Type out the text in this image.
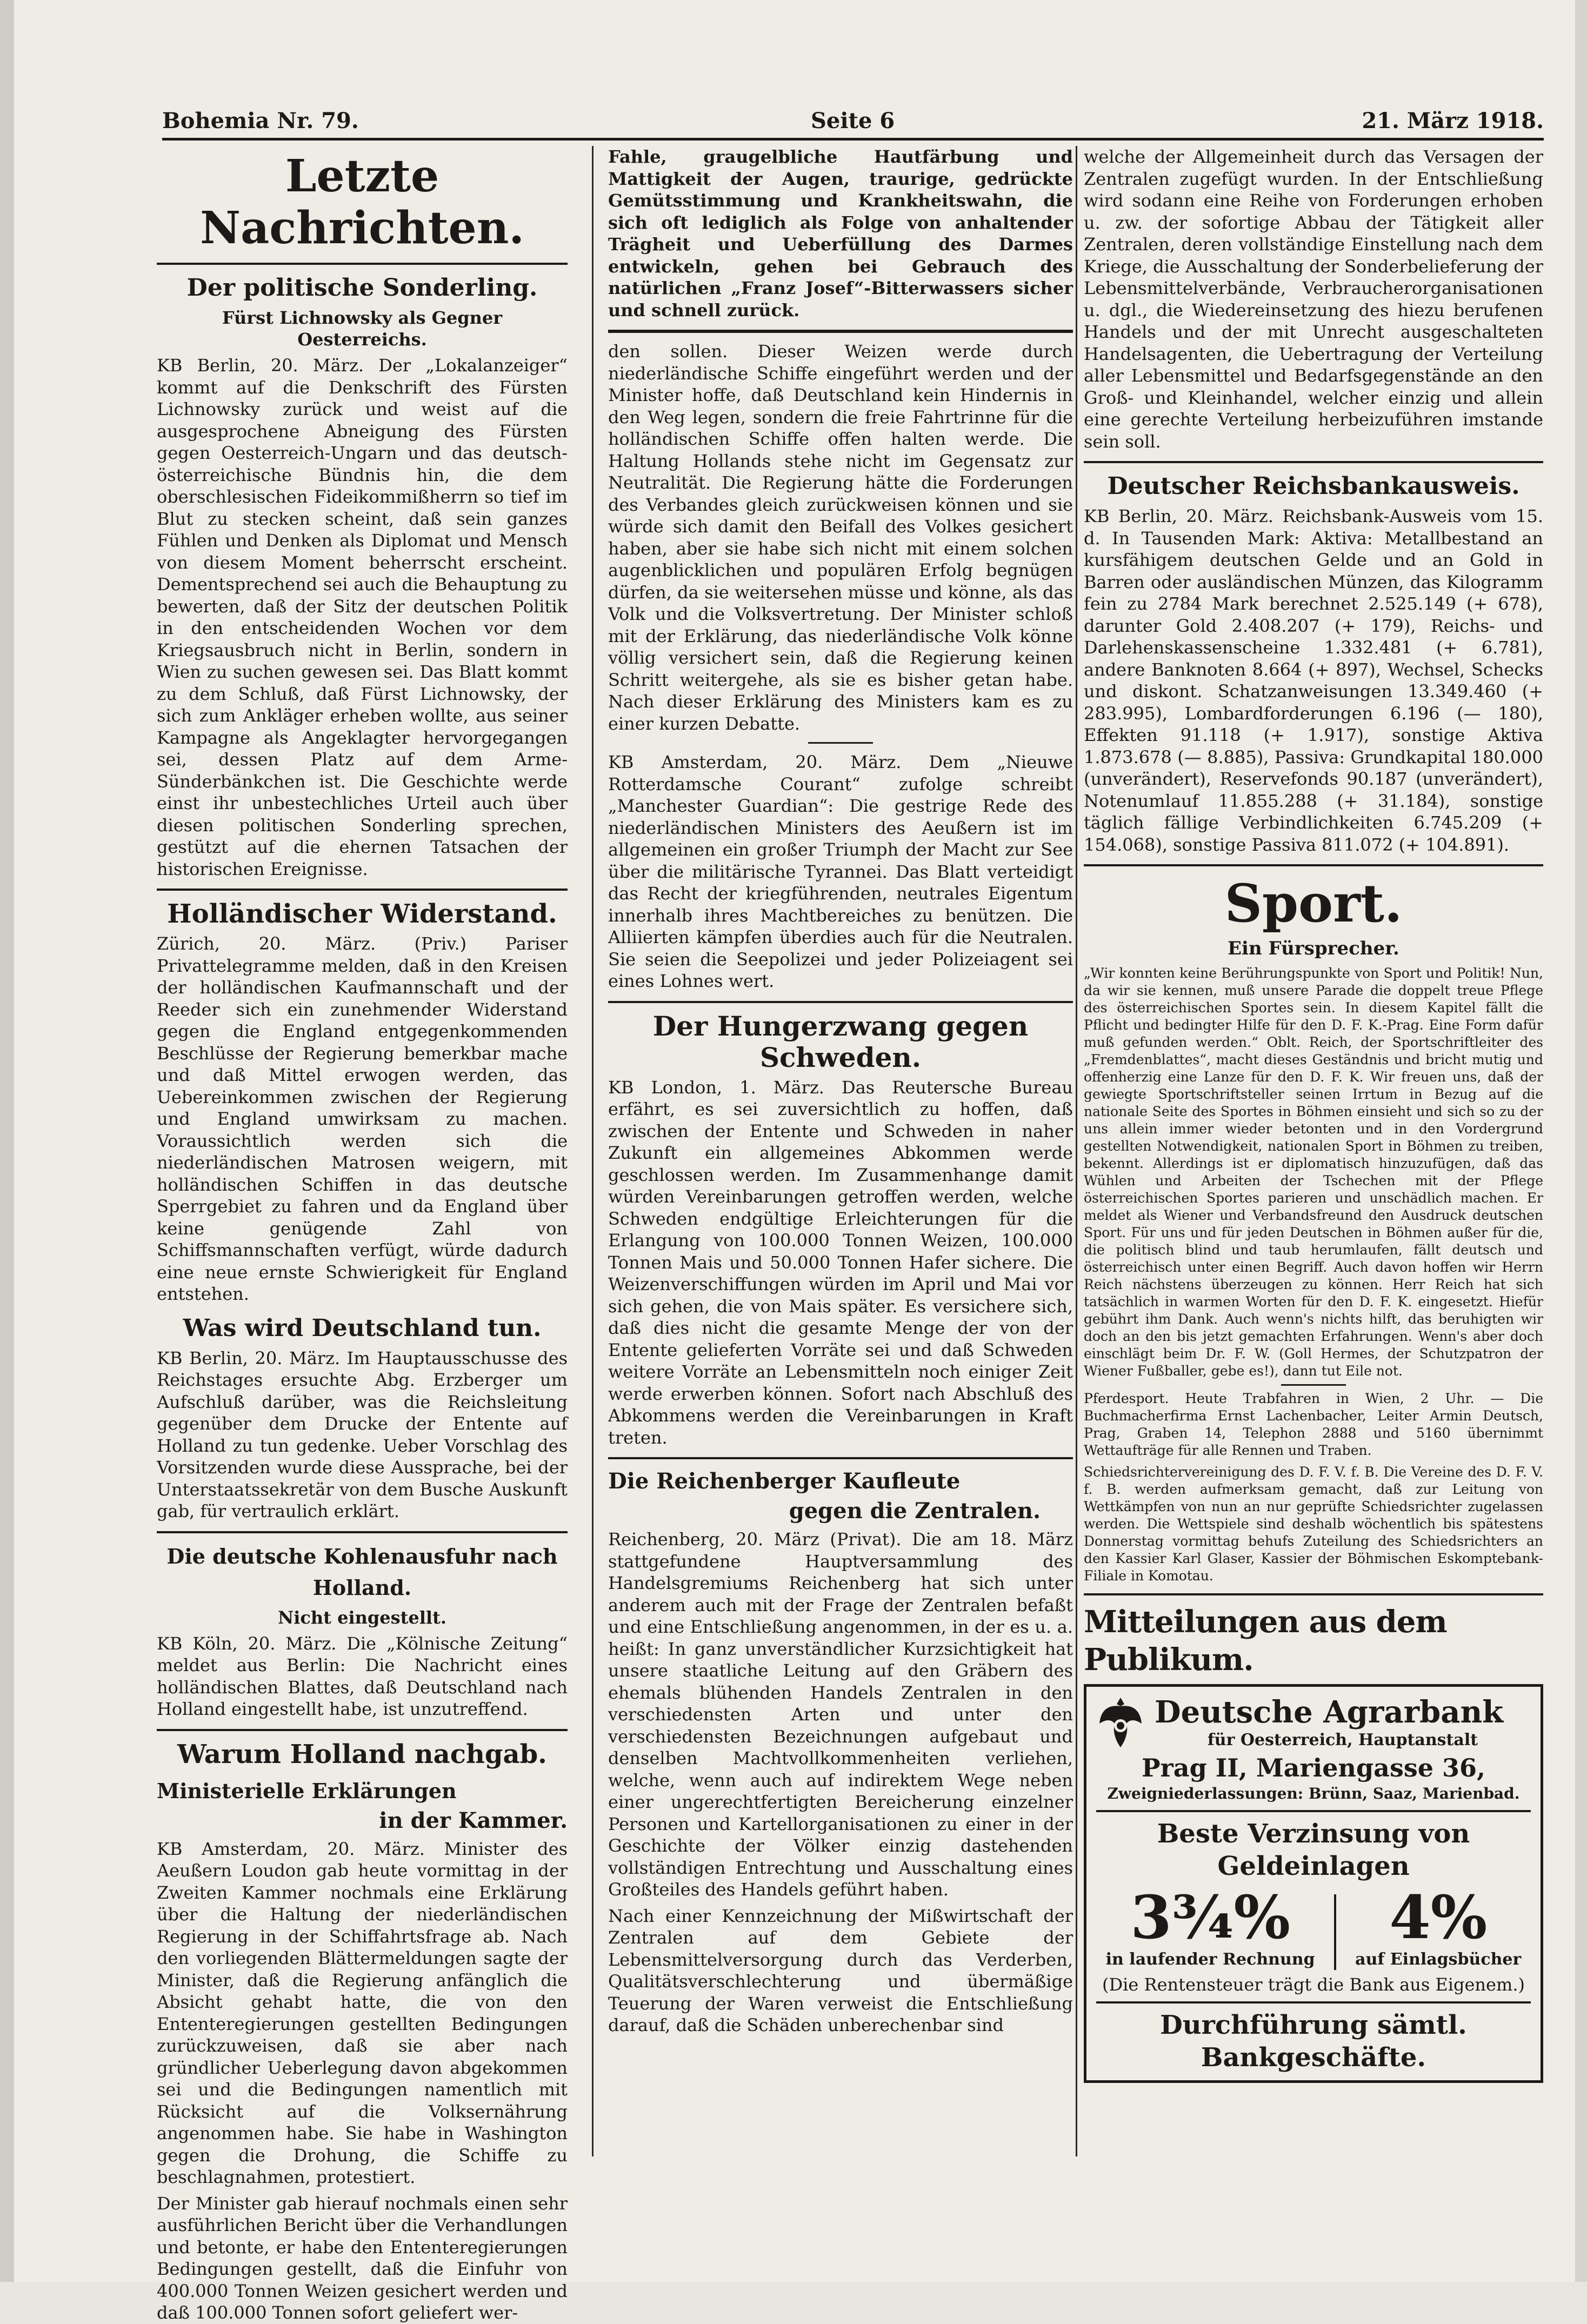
Bohemia Nr. 79.	Seite 6	21. März 1918.
Letzte Nachrichten.
Der politische Sonderling.
Fürst Lichnowsky als Gegner Oesterreichs.

KB Berlin, 20. März. Der „Lokalanzeiger“ kommt auf die Denkschrift des Fürsten Lichnowsky zurück und weist auf die ausgesprochene Abneigung des Fürsten gegen Oesterreich-Ungarn und das deutsch-österreichische Bündnis hin, die dem oberschlesischen Fideikommißherrn so tief im Blut zu stecken scheint, daß sein ganzes Fühlen und Denken als Diplomat und Mensch von diesem Moment beherrscht erscheint. Dementsprechend sei auch die Behauptung zu bewerten, daß der Sitz der deutschen Politik in den entscheidenden Wochen vor dem Kriegsausbruch nicht in Berlin, sondern in Wien zu suchen gewesen sei. Das Blatt kommt zu dem Schluß, daß Fürst Lichnowsky, der sich zum Ankläger erheben wollte, aus seiner Kampagne als Angeklagter hervorgegangen sei, dessen Platz auf dem Arme-Sünderbänkchen ist. Die Geschichte werde einst ihr unbestechliches Urteil auch über diesen politischen Sonderling sprechen, gestützt auf die ehernen Tatsachen der historischen Ereignisse.

Holländischer Widerstand.

Zürich, 20. März. (Priv.) Pariser Privattelegramme melden, daß in den Kreisen der holländischen Kaufmannschaft und der Reeder sich ein zunehmender Widerstand gegen die England entgegenkommenden Beschlüsse der Regierung bemerkbar mache und daß Mittel erwogen werden, das Uebereinkommen zwischen der Regierung und England umwirksam zu machen. Voraussichtlich werden sich die niederländischen Matrosen weigern, mit holländischen Schiffen in das deutsche Sperrgebiet zu fahren und da England über keine genügende Zahl von Schiffsmannschaften verfügt, würde dadurch eine neue ernste Schwierigkeit für England entstehen.

Was wird Deutschland tun.

KB Berlin, 20. März. Im Hauptausschusse des Reichstages ersuchte Abg. Erzberger um Aufschluß darüber, was die Reichsleitung gegenüber dem Drucke der Entente auf Holland zu tun gedenke. Ueber Vorschlag des Vorsitzenden wurde diese Aussprache, bei der Unterstaatssekretär von dem Busche Auskunft gab, für vertraulich erklärt.

Die deutsche Kohlenausfuhr nach Holland.
Nicht eingestellt.

KB Köln, 20. März. Die „Kölnische Zeitung“ meldet aus Berlin: Die Nachricht eines holländischen Blattes, daß Deutschland nach Holland eingestellt habe, ist unzutreffend.

Warum Holland nachgab.
Ministerielle Erklärungen
in der Kammer.

KB Amsterdam, 20. März. Minister des Aeußern Loudon gab heute vormittag in der Zweiten Kammer nochmals eine Erklärung über die Haltung der niederländischen Regierung in der Schiffahrtsfrage ab. Nach den vorliegenden Blättermeldungen sagte der Minister, daß die Regierung anfänglich die Absicht gehabt hatte, die von den Ententeregierungen gestellten Bedingungen zurückzuweisen, daß sie aber nach gründlicher Ueberlegung davon abgekommen sei und die Bedingungen namentlich mit Rücksicht auf die Volksernährung angenommen habe. Sie habe in Washington gegen die Drohung, die Schiffe zu beschlagnahmen, protestiert.

Der Minister gab hierauf nochmals einen sehr ausführlichen Bericht über die Verhandlungen und betonte, er habe den Ententeregierungen Bedingungen gestellt, daß die Einfuhr von 400.000 Tonnen Weizen gesichert werden und daß 100.000 Tonnen sofort geliefert wer-

Fahle, graugelbliche Hautfärbung und Mattigkeit der Augen, traurige, gedrückte Gemütsstimmung und Krankheitswahn, die sich oft lediglich als Folge von anhaltender Trägheit und Ueberfüllung des Darmes entwickeln, gehen bei Gebrauch des natürlichen „Franz Josef“-Bitterwassers sicher und schnell zurück.

den sollen. Dieser Weizen werde durch niederländische Schiffe eingeführt werden und der Minister hoffe, daß Deutschland kein Hindernis in den Weg legen, sondern die freie Fahrtrinne für die holländischen Schiffe offen halten werde. Die Haltung Hollands stehe nicht im Gegensatz zur Neutralität. Die Regierung hätte die Forderungen des Verbandes gleich zurückweisen können und sie würde sich damit den Beifall des Volkes gesichert haben, aber sie habe sich nicht mit einem solchen augenblicklichen und populären Erfolg begnügen dürfen, da sie weitersehen müsse und könne, als das Volk und die Volksvertretung. Der Minister schloß mit der Erklärung, das niederländische Volk könne völlig versichert sein, daß die Regierung keinen Schritt weitergehe, als sie es bisher getan habe. Nach dieser Erklärung des Ministers kam es zu einer kurzen Debatte.

KB Amsterdam, 20. März. Dem „Nieuwe Rotterdamsche Courant“ zufolge schreibt „Manchester Guardian“: Die gestrige Rede des niederländischen Ministers des Aeußern ist im allgemeinen ein großer Triumph der Macht zur See über die militärische Tyrannei. Das Blatt verteidigt das Recht der kriegführenden, neutrales Eigentum innerhalb ihres Machtbereiches zu benützen. Die Alliierten kämpfen überdies auch für die Neutralen. Sie seien die Seepolizei und jeder Polizeiagent sei eines Lohnes wert.

Der Hungerzwang gegen Schweden.

KB London, 1. März. Das Reutersche Bureau erfährt, es sei zuversichtlich zu hoffen, daß zwischen der Entente und Schweden in naher Zukunft ein allgemeines Abkommen werde geschlossen werden. Im Zusammenhange damit würden Vereinbarungen getroffen werden, welche Schweden endgültige Erleichterungen für die Erlangung von 100.000 Tonnen Weizen, 100.000 Tonnen Mais und 50.000 Tonnen Hafer sichere. Die Weizenverschiffungen würden im April und Mai vor sich gehen, die von Mais später. Es versichere sich, daß dies nicht die gesamte Menge der von der Entente gelieferten Vorräte sei und daß Schweden weitere Vorräte an Lebensmitteln noch einiger Zeit werde erwerben können. Sofort nach Abschluß des Abkommens werden die Vereinbarungen in Kraft treten.

Die Reichenberger Kaufleute
gegen die Zentralen.

Reichenberg, 20. März (Privat). Die am 18. März stattgefundene Hauptversammlung des Handelsgremiums Reichenberg hat sich unter anderem auch mit der Frage der Zentralen befaßt und eine Entschließung angenommen, in der es u. a. heißt: In ganz unverständlicher Kurzsichtigkeit hat unsere staatliche Leitung auf den Gräbern des ehemals blühenden Handels Zentralen in den verschiedensten Arten und unter den verschiedensten Bezeichnungen aufgebaut und denselben Machtvollkommenheiten verliehen, welche, wenn auch auf indirektem Wege neben einer ungerechtfertigten Bereicherung einzelner Personen und Kartellorganisationen zu einer in der Geschichte der Völker einzig dastehenden vollständigen Entrechtung und Ausschaltung eines Großteiles des Handels geführt haben.

Nach einer Kennzeichnung der Mißwirtschaft der Zentralen auf dem Gebiete der Lebensmittelversorgung durch das Verderben, Qualitätsverschlechterung und übermäßige Teuerung der Waren verweist die Entschließung darauf, daß die Schäden unberechenbar sind

welche der Allgemeinheit durch das Versagen der Zentralen zugefügt wurden. In der Entschließung wird sodann eine Reihe von Forderungen erhoben u. zw. der sofortige Abbau der Tätigkeit aller Zentralen, deren vollständige Einstellung nach dem Kriege, die Ausschaltung der Sonderbelieferung der Lebensmittelverbände, Verbraucherorganisationen u. dgl., die Wiedereinsetzung des hiezu berufenen Handels und der mit Unrecht ausgeschalteten Handelsagenten, die Uebertragung der Verteilung aller Lebensmittel und Bedarfsgegenstände an den Groß- und Kleinhandel, welcher einzig und allein eine gerechte Verteilung herbeizuführen imstande sein soll.

Deutscher Reichsbankausweis.

KB Berlin, 20. März. Reichsbank-Ausweis vom 15. d. In Tausenden Mark: Aktiva: Metallbestand an kursfähigem deutschen Gelde und an Gold in Barren oder ausländischen Münzen, das Kilogramm fein zu 2784 Mark berechnet 2.525.149 (+ 678), darunter Gold 2.408.207 (+ 179), Reichs- und Darlehenskassenscheine 1.332.481 (+ 6.781), andere Banknoten 8.664 (+ 897), Wechsel, Schecks und diskont. Schatzanweisungen 13.349.460 (+ 283.995), Lombardforderungen 6.196 (— 180), Effekten 91.118 (+ 1.917), sonstige Aktiva 1.873.678 (— 8.885), Passiva: Grundkapital 180.000 (unverändert), Reservefonds 90.187 (unverändert), Notenumlauf 11.855.288 (+ 31.184), sonstige täglich fällige Verbindlichkeiten 6.745.209 (+ 154.068), sonstige Passiva 811.072 (+ 104.891).

Sport.
Ein Fürsprecher.

„Wir konnten keine Berührungspunkte von Sport und Politik! Nun, da wir sie kennen, muß unsere Parade die doppelt treue Pflege des österreichischen Sportes sein. In diesem Kapitel fällt die Pflicht und bedingter Hilfe für den D. F. K.-Prag. Eine Form dafür muß gefunden werden.“ Oblt. Reich, der Sportschriftleiter des „Fremdenblattes“, macht dieses Geständnis und bricht mutig und offenherzig eine Lanze für den D. F. K. Wir freuen uns, daß der gewiegte Sportschriftsteller seinen Irrtum in Bezug auf die nationale Seite des Sportes in Böhmen einsieht und sich so zu der uns allein immer wieder betonten und in den Vordergrund gestellten Notwendigkeit, nationalen Sport in Böhmen zu treiben, bekennt. Allerdings ist er diplomatisch hinzuzufügen, daß das Wühlen und Arbeiten der Tschechen mit der Pflege österreichischen Sportes parieren und unschädlich machen. Er meldet als Wiener und Verbandsfreund den Ausdruck deutschen Sport. Für uns und für jeden Deutschen in Böhmen außer für die, die politisch blind und taub herumlaufen, fällt deutsch und österreichisch unter einen Begriff. Auch davon hoffen wir Herrn Reich nächstens überzeugen zu können. Herr Reich hat sich tatsächlich in warmen Worten für den D. F. K. eingesetzt. Hiefür gebührt ihm Dank. Auch wenn's nichts hilft, das beruhigten wir doch an den bis jetzt gemachten Erfahrungen. Wenn's aber doch einschlägt beim Dr. F. W. (Goll Hermes, der Schutzpatron der Wiener Fußballer, gebe es!), dann tut Eile not.

Pferdesport. Heute Trabfahren in Wien, 2 Uhr. — Die Buchmacherfirma Ernst Lachenbacher, Leiter Armin Deutsch, Prag, Graben 14, Telephon 2888 und 5160 übernimmt Wettaufträge für alle Rennen und Traben.

Schiedsrichtervereinigung des D. F. V. f. B. Die Vereine des D. F. V. f. B. werden aufmerksam gemacht, daß zur Leitung von Wettkämpfen von nun an nur geprüfte Schiedsrichter zugelassen werden. Die Wettspiele sind deshalb wöchentlich bis spätestens Donnerstag vormittag behufs Zuteilung des Schiedsrichters an den Kassier Karl Glaser, Kassier der Böhmischen Eskomptebank-Filiale in Komotau.

Mitteilungen aus dem Publikum.
Deutsche Agrarbank
für Oesterreich, Hauptanstalt
Prag II, Mariengasse 36,
Zweigniederlassungen: Brünn, Saaz, Marienbad.
Beste Verzinsung von Geldeinlagen
3¾%
in laufender Rechnung
4%
auf Einlagsbücher
(Die Rentensteuer trägt die Bank aus Eigenem.)
Durchführung sämtl. Bankgeschäfte.
